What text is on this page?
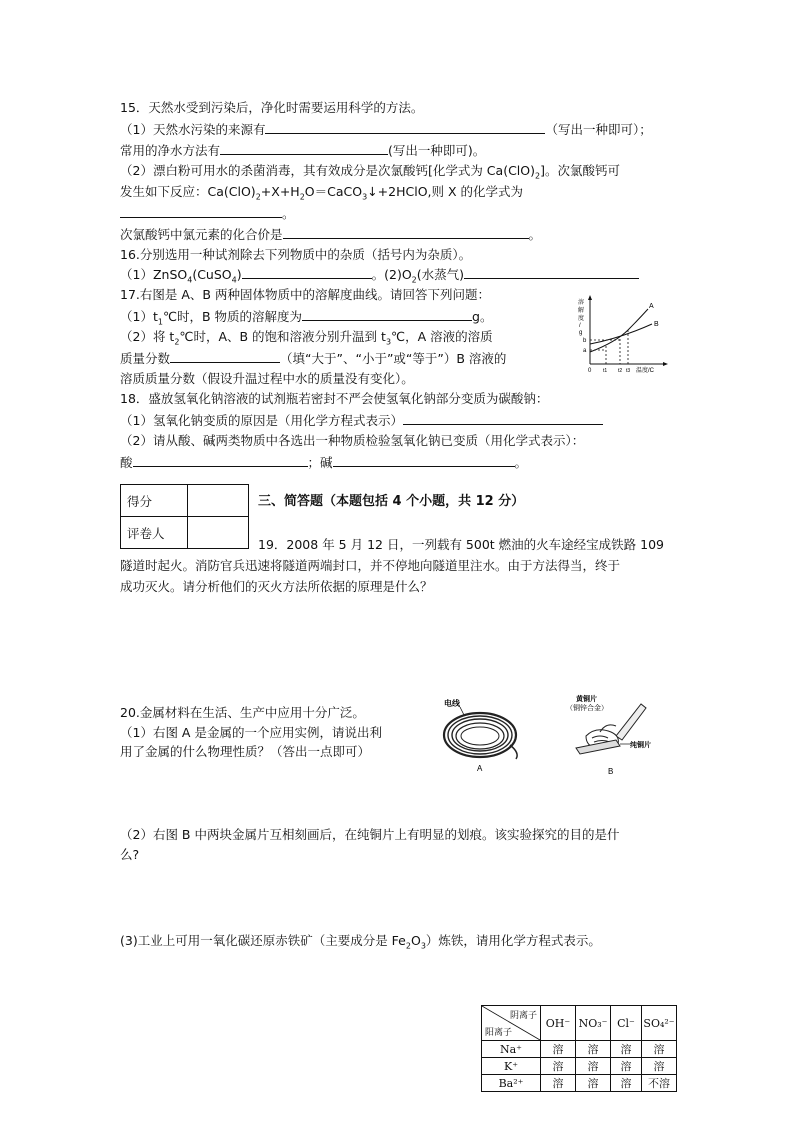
15．天然水受到污染后，净化时需要运用科学的方法。
（1）天然水污染的来源有	（写出一种即可）；
常用的净水方法有	(写出一种即可)。
（2）漂白粉可用水的杀菌消毒，其有效成分是次氯酸钙[化学式为 $Ca(ClO)_2$]。次氯酸钙可
发生如下反应：$Ca(ClO)_2+X+H_2O=CaCO_3↓+2HClO$,则 X 的化学式为
。
次氯酸钙中氯元素的化合价是	。
16.分别选用一种试剂除去下列物质中的杂质（括号内为杂质）。
（1）ZnSO$_4$(CuSO$_4$)	。$(2)O_2$(水蒸气)
17.右图是 A、B 两种固体物质中的溶解度曲线。请回答下列问题：
$(1)t_1℃$时，B 物质的溶解度为	g。
（2）将 $t_2℃$时，A、B 的饱和溶液分别升温到 $t_3℃$，A 溶液的溶质
质量分数	（填“大于”、“小于”或“等于”）B 溶液的
溶质质量分数（假设升温过程中水的质量没有变化）。
溶
解
度
/
g
b
a
0 t1 t2 t3 温度/C
A
B
18．盛放氢氧化钠溶液的试剂瓶若密封不严会使氢氧化钠部分变质为碳酸钠：
（1）氢氧化钠变质的原因是（用化学方程式表示）
（2）请从酸、碱两类物质中各选出一种物质检验氢氧化钠已变质（用化学式表示）：
酸	；碱	。
得分	
评卷人	
三、简答题（本题包括 4 个小题，共 12 分）
19．2008 年 5 月 12 日，一列载有 500t 燃油的火车途经宝成铁路 109
隧道时起火。消防官兵迅速将隧道两端封口，并不停地向隧道里注水。由于方法得当，终于
成功灭火。请分析他们的灭火方法所依据的原理是什么？
20.金属材料在生活、生产中应用十分广泛。
（1）右图 A 是金属的一个应用实例，请说出利
用了金属的什么物理性质？（答出一点即可）
电线
A
黄铜片
（铜锌合金）
纯铜片
B
（2）右图 B 中两块金属片互相刻画后，在纯铜片上有明显的划痕。该实验探究的目的是什
么?
(3)工业上可用一氧化碳还原赤铁矿（主要成分是 $Fe_2O_3$）炼铁，请用化学方程式表示。
阴离子
阳离子	OH⁻	NO₃⁻	Cl⁻	SO₄²⁻
Na⁺	溶	溶	溶	溶
K⁺	溶	溶	溶	溶
Ba²⁺	溶	溶	溶	不溶
